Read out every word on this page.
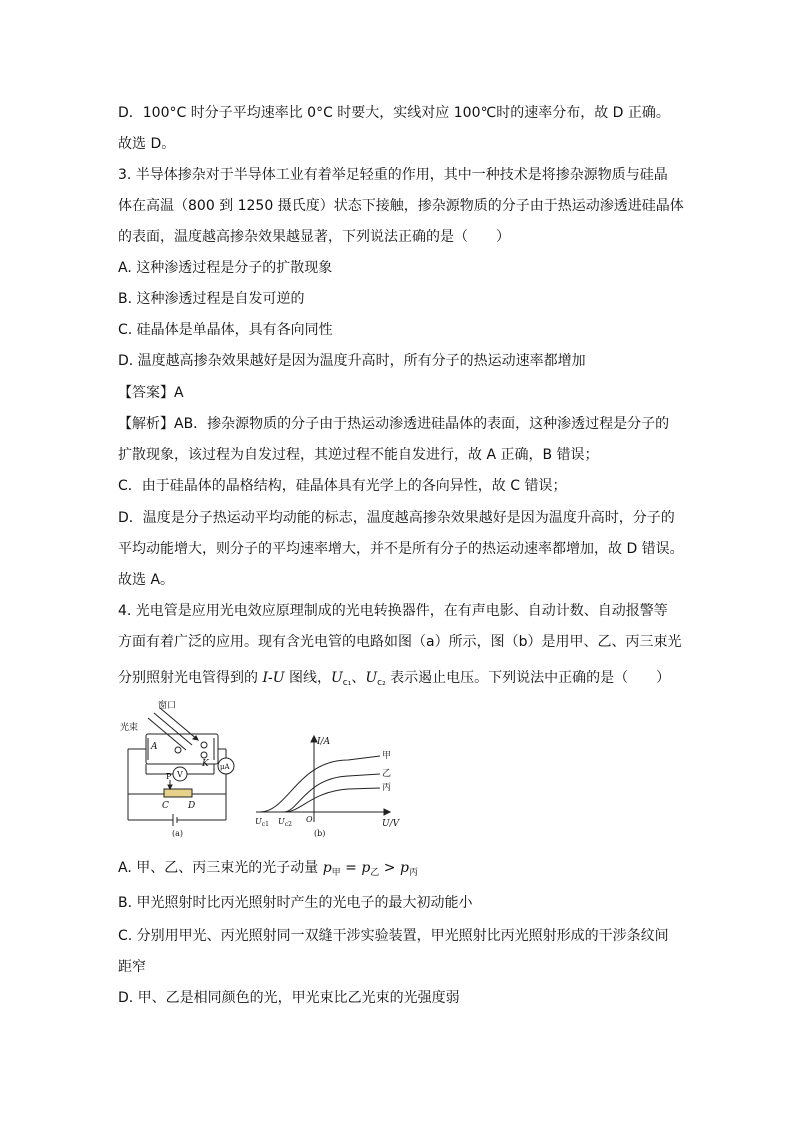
D．100°C 时分子平均速率比 0°C 时要大，实线对应 100℃时的速率分布，故 D 正确。
故选 D。
3. 半导体掺杂对于半导体工业有着举足轻重的作用，其中一种技术是将掺杂源物质与硅晶
体在高温（800 到 1250 摄氏度）状态下接触，掺杂源物质的分子由于热运动渗透进硅晶体
的表面，温度越高掺杂效果越显著，下列说法正确的是（　　）
A. 这种渗透过程是分子的扩散现象
B. 这种渗透过程是自发可逆的
C. 硅晶体是单晶体，具有各向同性
D. 温度越高掺杂效果越好是因为温度升高时，所有分子的热运动速率都增加
【答案】A
【解析】AB．掺杂源物质的分子由于热运动渗透进硅晶体的表面，这种渗透过程是分子的
扩散现象，该过程为自发过程，其逆过程不能自发进行，故 A 正确，B 错误；
C．由于硅晶体的晶格结构，硅晶体具有光学上的各向异性，故 C 错误；
D．温度是分子热运动平均动能的标志，温度越高掺杂效果越好是因为温度升高时，分子的
平均动能增大，则分子的平均速率增大，并不是所有分子的热运动速率都增加，故 D 错误。
故选 A。
4. 光电管是应用光电效应原理制成的光电转换器件，在有声电影、自动计数、自动报警等
方面有着广泛的应用。现有含光电管的电路如图（a）所示，图（b）是用甲、乙、丙三束光
分别照射光电管得到的 I-U 图线，$U_{c_1}$、$U_{c_2}$ 表示遏止电压。下列说法中正确的是（　　）
窗口
光束
A
K
V
μA
P
C D
(a)
I/A
U/V
甲
乙
丙
$U_{c1}$ $U_{c2}$
O
(b)
A. 甲、乙、丙三束光的光子动量 $p_甲 = p_乙 > p_丙$
B. 甲光照射时比丙光照射时产生的光电子的最大初动能小
C. 分别用甲光、丙光照射同一双缝干涉实验装置，甲光照射比丙光照射形成的干涉条纹间
距窄
D. 甲、乙是相同颜色的光，甲光束比乙光束的光强度弱
